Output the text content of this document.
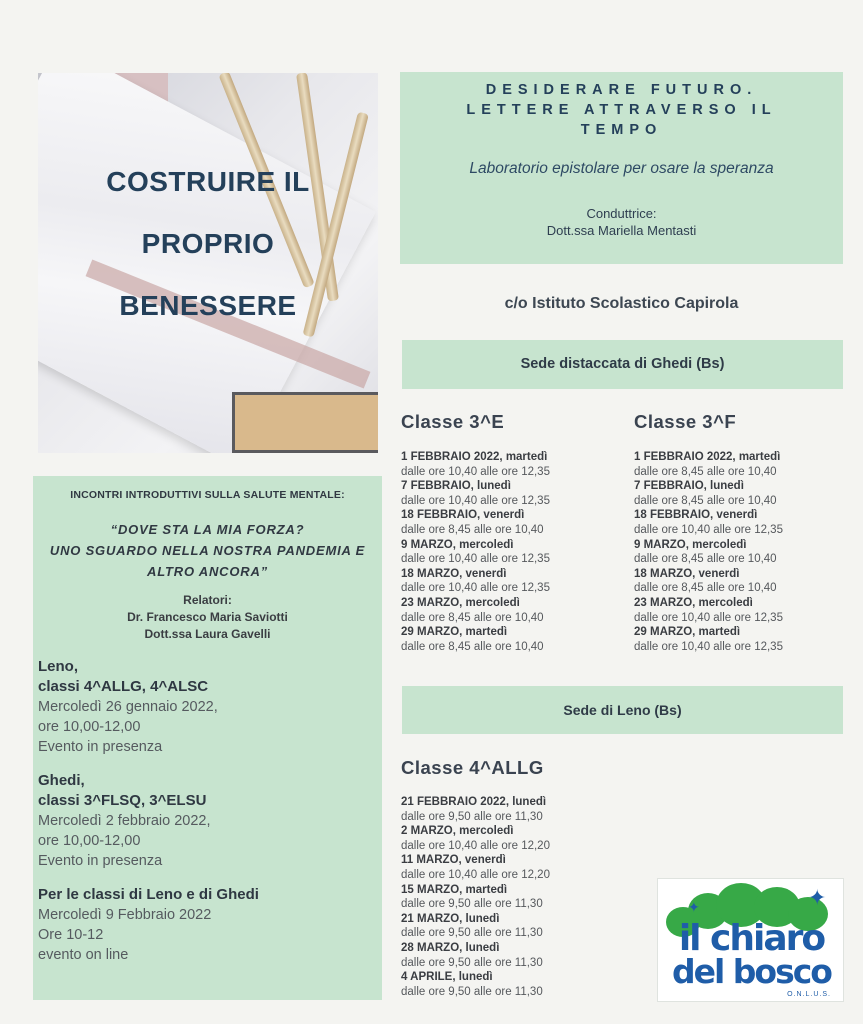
COSTRUIRE IL
PROPRIO
BENESSERE
DESIDERARE FUTURO.
LETTERE ATTRAVERSO IL
TEMPO
Laboratorio epistolare per osare la speranza
Conduttrice:
Dott.ssa Mariella Mentasti
c/o Istituto Scolastico Capirola
Sede distaccata di Ghedi (Bs)
Classe 3^E
1 FEBBRAIO 2022, martedì
dalle ore 10,40 alle ore 12,35
7 FEBBRAIO, lunedì
dalle ore 10,40 alle ore 12,35
18 FEBBRAIO, venerdì
dalle ore 8,45 alle ore 10,40
9 MARZO, mercoledì
dalle ore 10,40 alle ore 12,35
18 MARZO, venerdì
dalle ore 10,40 alle ore 12,35
23 MARZO, mercoledì
dalle ore 8,45 alle ore 10,40
29 MARZO, martedì
dalle ore 8,45 alle ore 10,40
Classe 3^F
1 FEBBRAIO 2022, martedì
dalle ore 8,45 alle ore 10,40
7 FEBBRAIO, lunedì
dalle ore 8,45 alle ore 10,40
18 FEBBRAIO, venerdì
dalle ore 10,40 alle ore 12,35
9 MARZO, mercoledì
dalle ore 8,45 alle ore 10,40
18 MARZO, venerdì
dalle ore 8,45 alle ore 10,40
23 MARZO, mercoledì
dalle ore 10,40 alle ore 12,35
29 MARZO, martedì
dalle ore 10,40 alle ore 12,35
Sede di Leno (Bs)
Classe 4^ALLG
21 FEBBRAIO 2022, lunedì
dalle ore 9,50 alle ore 11,30
2 MARZO, mercoledì
dalle ore 10,40 alle ore 12,20
11 MARZO, venerdì
dalle ore 10,40 alle ore 12,20
15 MARZO, martedì
dalle ore 9,50 alle ore 11,30
21 MARZO, lunedì
dalle ore 9,50 alle ore 11,30
28 MARZO, lunedì
dalle ore 9,50 alle ore 11,30
4 APRILE, lunedì
dalle ore 9,50 alle ore 11,30
INCONTRI INTRODUTTIVI SULLA SALUTE MENTALE:
“DOVE STA LA MIA FORZA?
UNO SGUARDO NELLA NOSTRA PANDEMIA E
ALTRO ANCORA”
Relatori:
Dr. Francesco Maria Saviotti
Dott.ssa Laura Gavelli
Leno,
classi 4^ALLG, 4^ALSC
Mercoledì 26 gennaio 2022,
ore 10,00-12,00
Evento in presenza
Ghedi,
classi 3^FLSQ, 3^ELSU
Mercoledì 2 febbraio 2022,
ore 10,00-12,00
Evento in presenza
Per le classi di Leno e di Ghedi
Mercoledì 9 Febbraio 2022
Ore 10-12
evento on line
✦	✦
il chiaro
del bosco
O.N.L.U.S.
